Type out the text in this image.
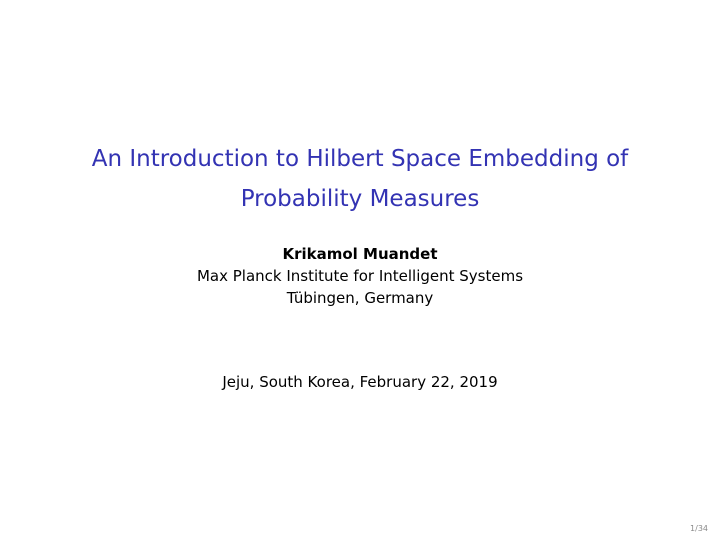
An Introduction to Hilbert Space Embedding of
Probability Measures
Krikamol Muandet
Max Planck Institute for Intelligent Systems
Tübingen, Germany
Jeju, South Korea, February 22, 2019
1/34
